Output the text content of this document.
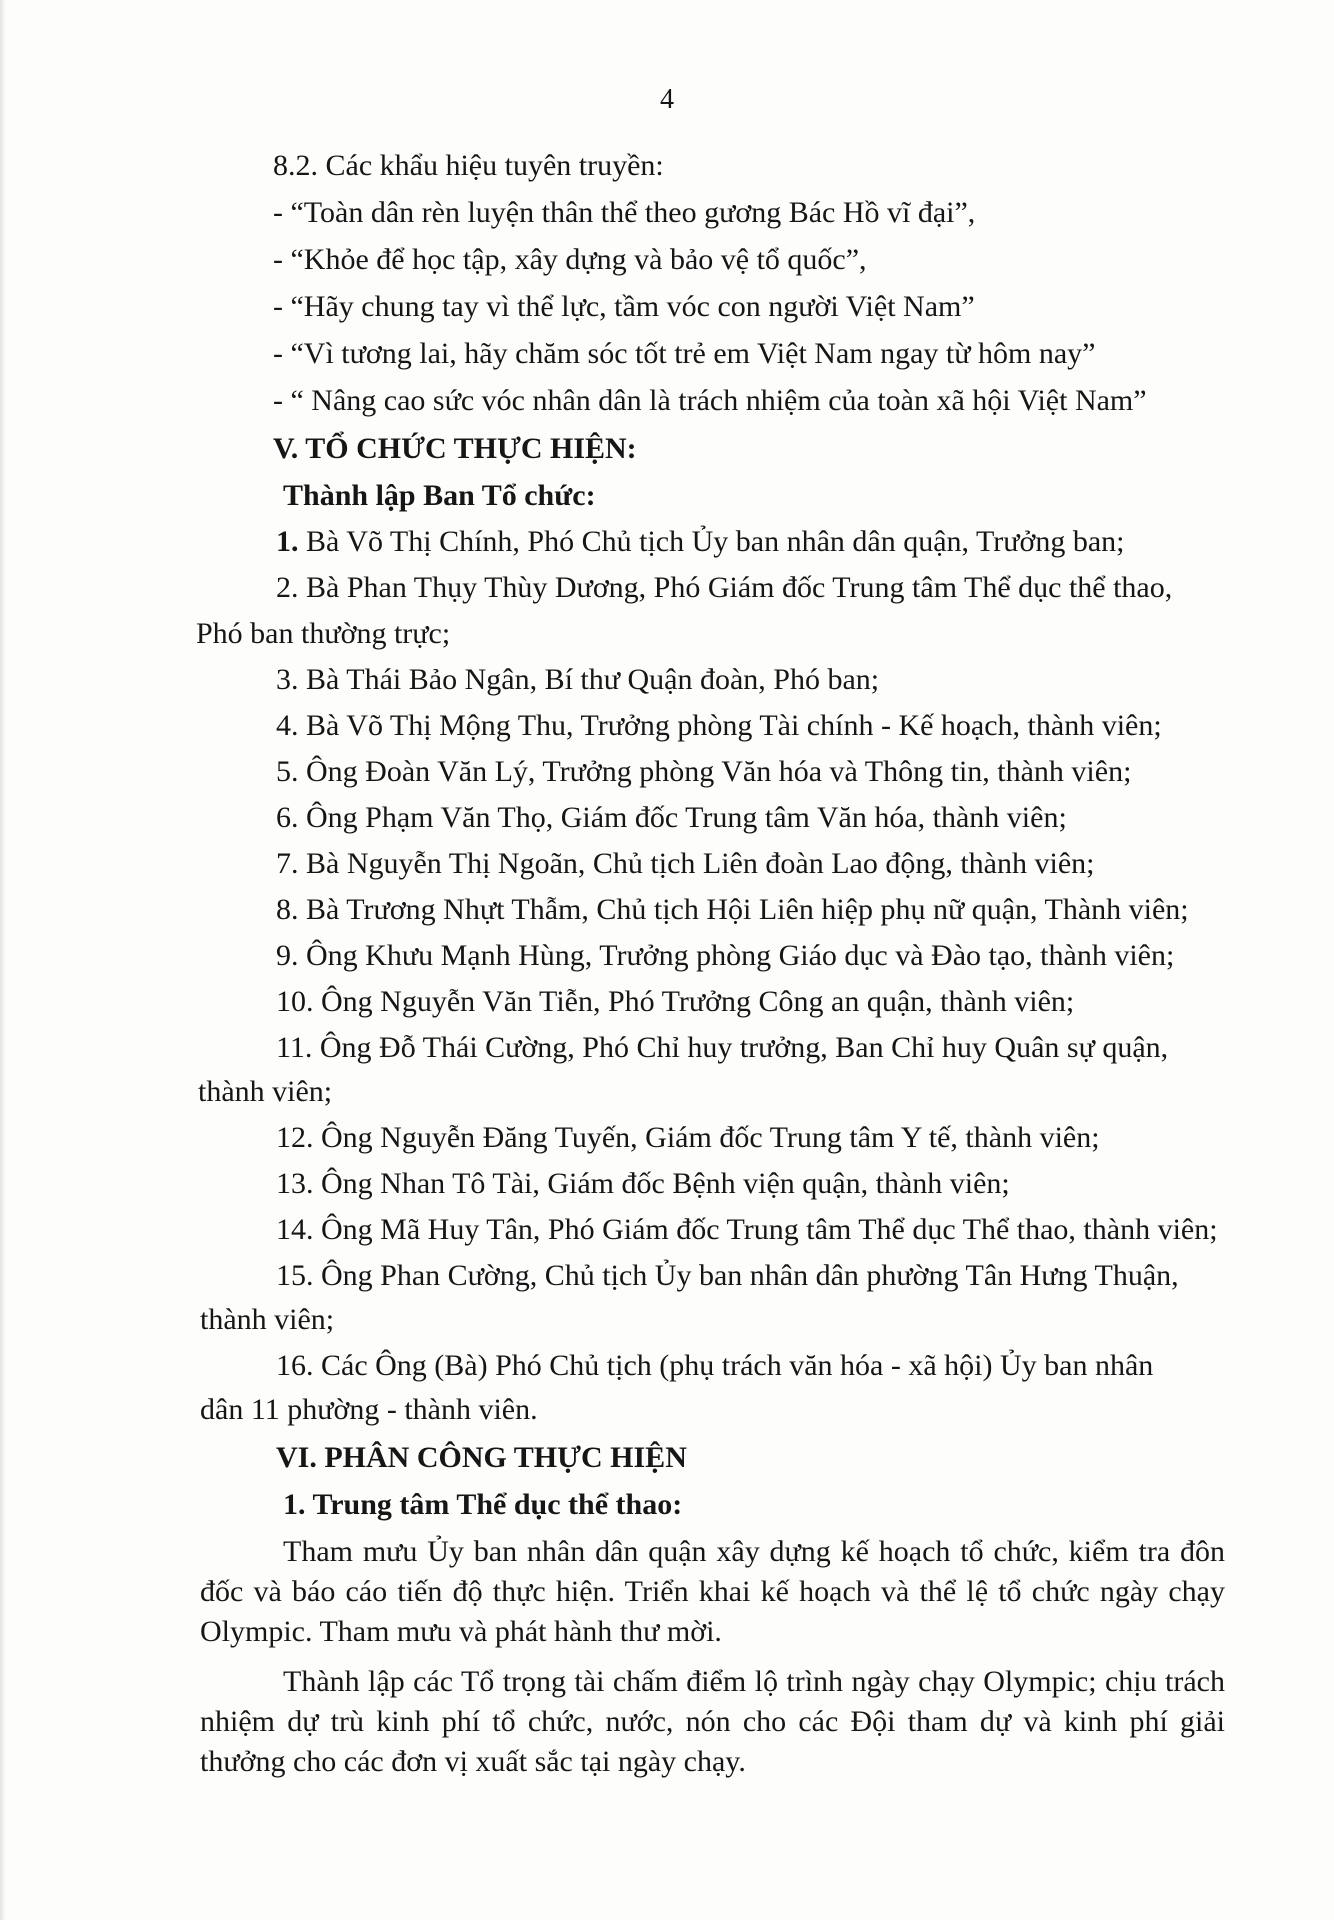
4
8.2. Các khẩu hiệu tuyên truyền:
- “Toàn dân rèn luyện thân thể theo gương Bác Hồ vĩ đại”,
- “Khỏe để học tập, xây dựng và bảo vệ tổ quốc”,
- “Hãy chung tay vì thể lực, tầm vóc con người Việt Nam”
- “Vì tương lai, hãy chăm sóc tốt trẻ em Việt Nam ngay từ hôm nay”
- “ Nâng cao sức vóc nhân dân là trách nhiệm của toàn xã hội Việt Nam”
V. TỔ CHỨC THỰC HIỆN:
Thành lập Ban Tổ chức:
1. Bà Võ Thị Chính, Phó Chủ tịch Ủy ban nhân dân quận, Trưởng ban;
2. Bà Phan Thụy Thùy Dương, Phó Giám đốc Trung tâm Thể dục thể thao,
Phó ban thường trực;
3. Bà Thái Bảo Ngân, Bí thư Quận đoàn, Phó ban;
4. Bà Võ Thị Mộng Thu, Trưởng phòng Tài chính - Kế hoạch, thành viên;
5. Ông Đoàn Văn Lý, Trưởng phòng Văn hóa và Thông tin, thành viên;
6. Ông Phạm Văn Thọ, Giám đốc Trung tâm Văn hóa, thành viên;
7. Bà Nguyễn Thị Ngoãn, Chủ tịch Liên đoàn Lao động, thành viên;
8. Bà Trương Nhựt Thẫm, Chủ tịch Hội Liên hiệp phụ nữ quận, Thành viên;
9. Ông Khưu Mạnh Hùng, Trưởng phòng Giáo dục và Đào tạo, thành viên;
10. Ông Nguyễn Văn Tiễn, Phó Trưởng Công an quận, thành viên;
11. Ông Đỗ Thái Cường, Phó Chỉ huy trưởng, Ban Chỉ huy Quân sự quận,
thành viên;
12. Ông Nguyễn Đăng Tuyến, Giám đốc Trung tâm Y tế, thành viên;
13. Ông Nhan Tô Tài, Giám đốc Bệnh viện quận, thành viên;
14. Ông Mã Huy Tân, Phó Giám đốc Trung tâm Thể dục Thể thao, thành viên;
15. Ông Phan Cường, Chủ tịch Ủy ban nhân dân phường Tân Hưng Thuận,
thành viên;
16. Các Ông (Bà) Phó Chủ tịch (phụ trách văn hóa - xã hội) Ủy ban nhân
dân 11 phường - thành viên.
VI. PHÂN CÔNG THỰC HIỆN
1. Trung tâm Thể dục thể thao:
Tham mưu Ủy ban nhân dân quận xây dựng kế hoạch tổ chức, kiểm tra đôn đốc và báo cáo tiến độ thực hiện. Triển khai kế hoạch và thể lệ tổ chức ngày chạy Olympic. Tham mưu và phát hành thư mời.
Thành lập các Tổ trọng tài chấm điểm lộ trình ngày chạy Olympic; chịu trách nhiệm dự trù kinh phí tổ chức, nước, nón cho các Đội tham dự và kinh phí giải thưởng cho các đơn vị xuất sắc tại ngày chạy.
